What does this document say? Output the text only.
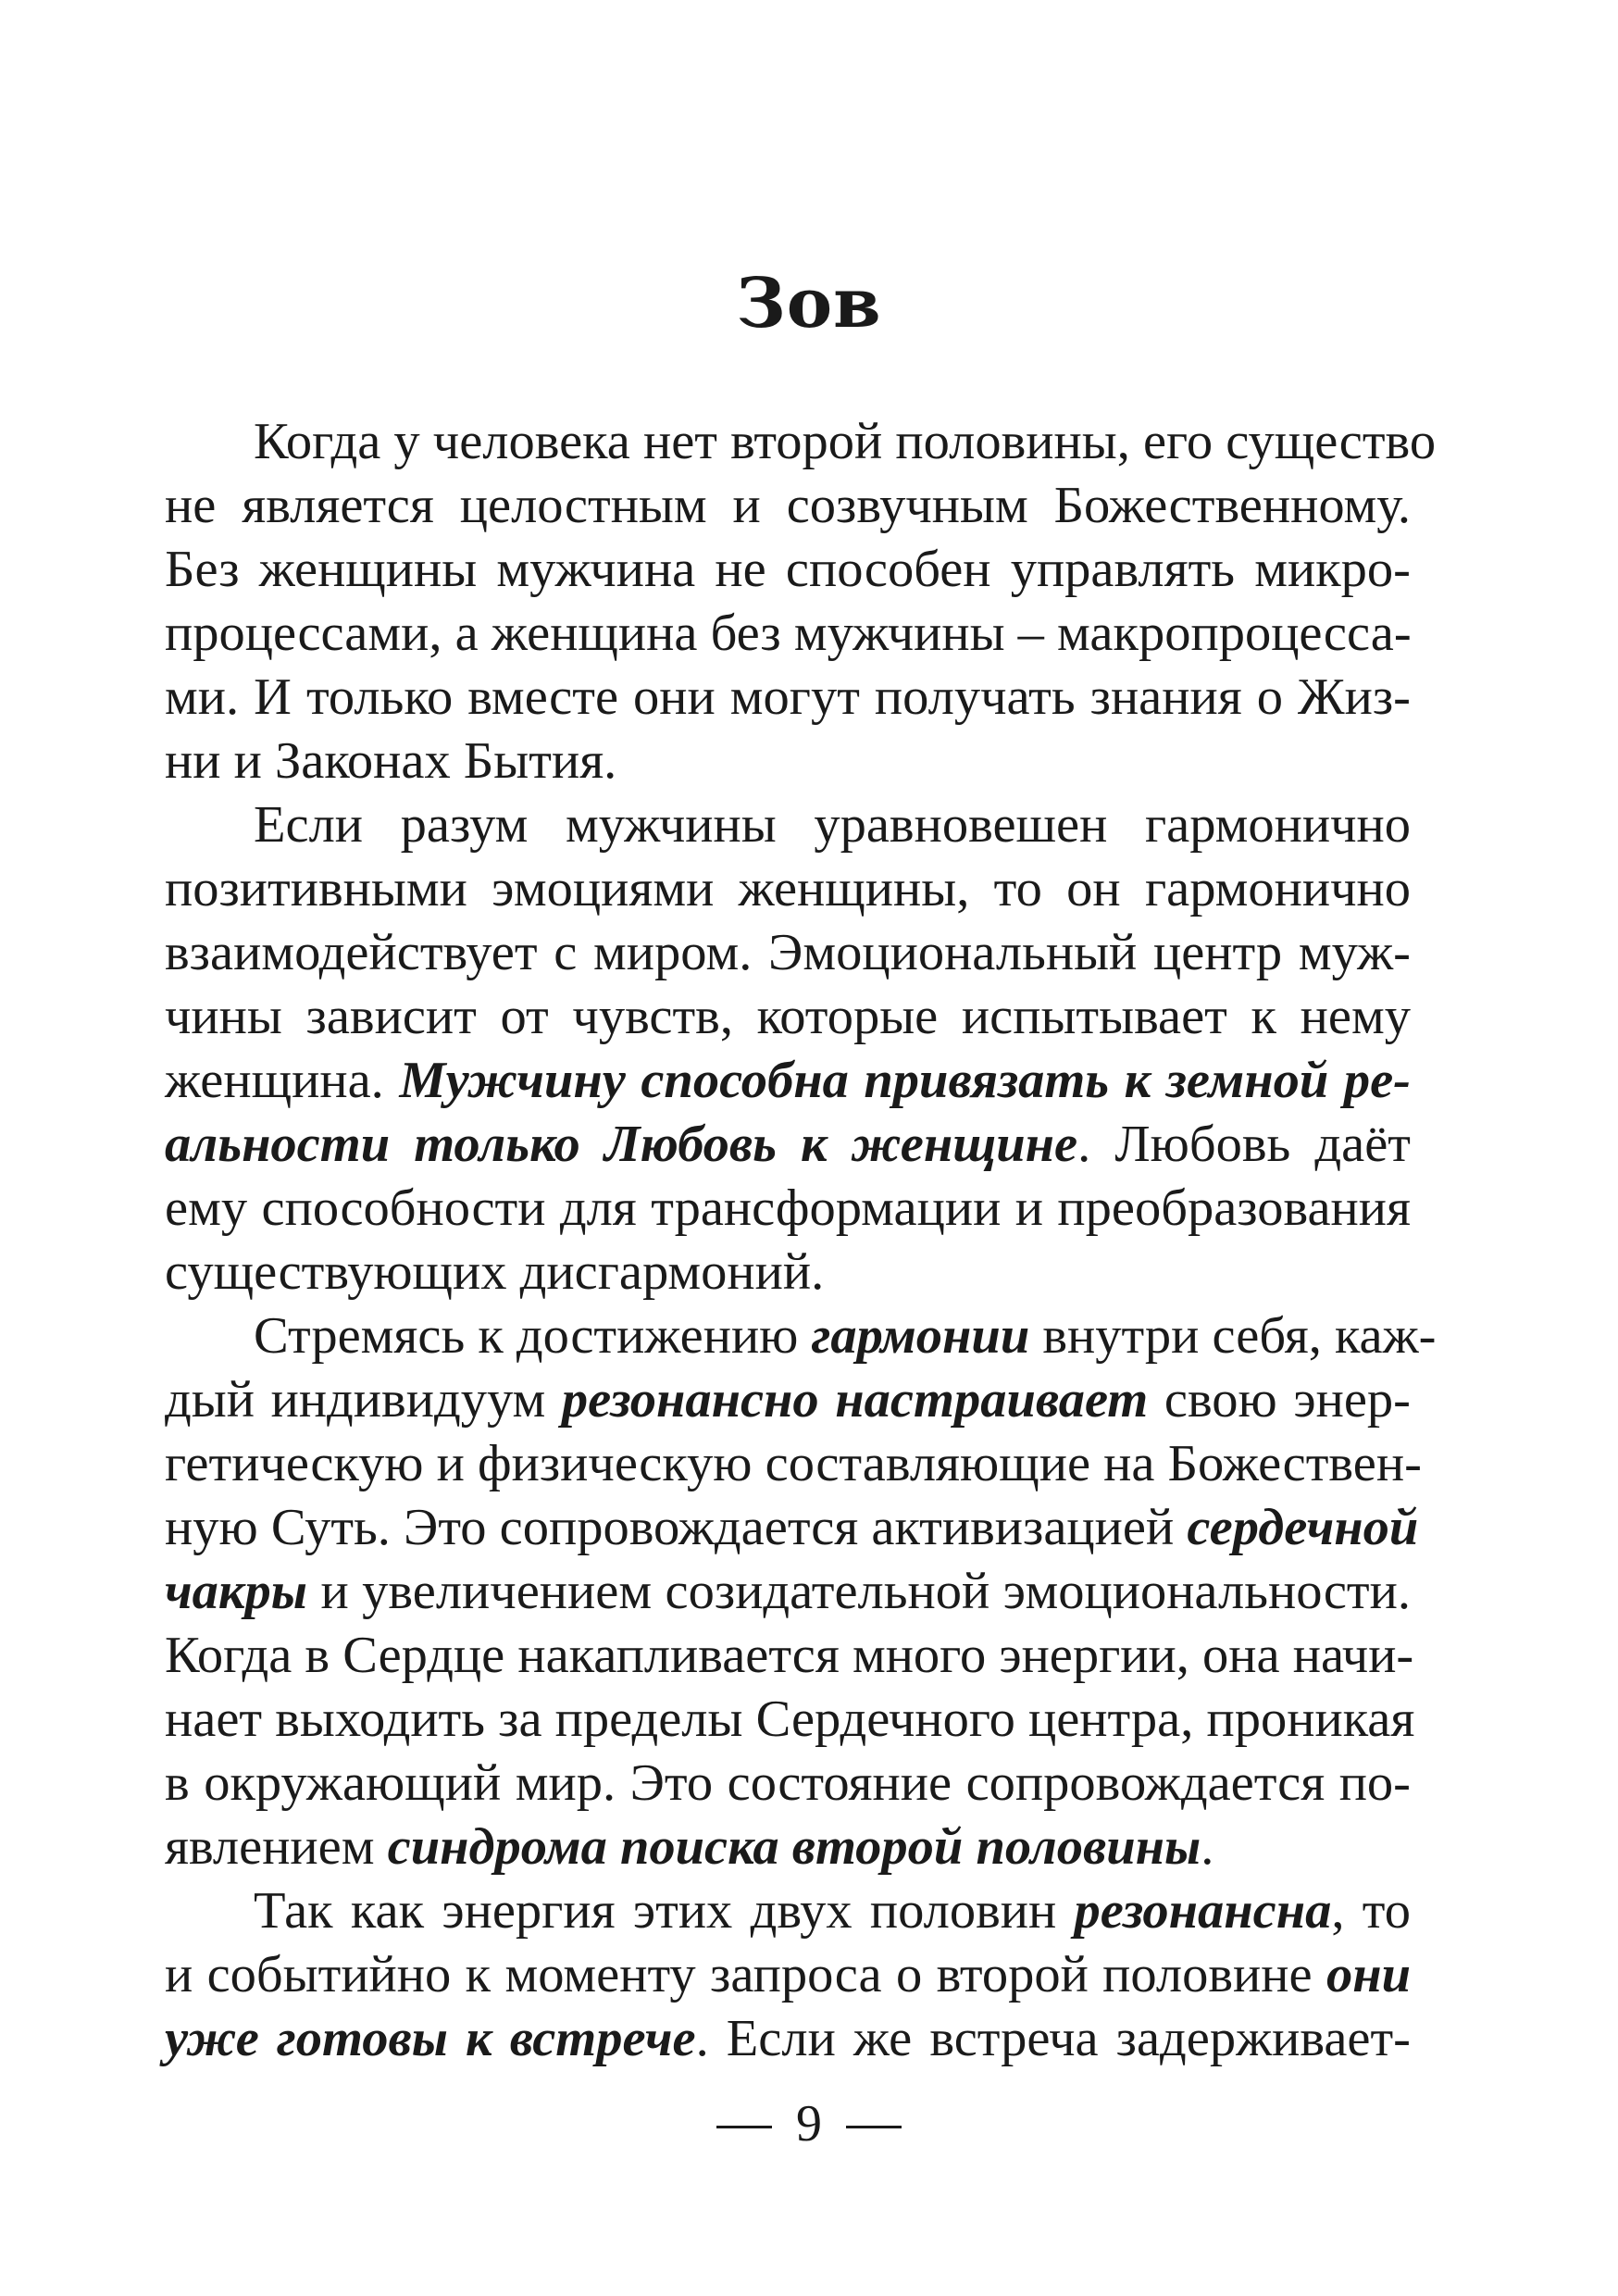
Зов
Когда у человека нет второй половины, его существо
не является целостным и созвучным Божественному.
Без женщины мужчина не способен управлять микро-
процессами, а женщина без мужчины – макропроцесса-
ми. И только вместе они могут получать знания о Жиз-
ни и Законах Бытия.
Если разум мужчины уравновешен гармонично
позитивными эмоциями женщины, то он гармонично
взаимодействует с миром. Эмоциональный центр муж-
чины зависит от чувств, которые испытывает к нему
женщина. Мужчину способна привязать к земной ре-
альности только Любовь к женщине. Любовь даёт
ему способности для трансформации и преобразования
существующих дисгармоний.
Стремясь к достижению гармонии внутри себя, каж-
дый индивидуум резонансно настраивает свою энер-
гетическую и физическую составляющие на Божествен-
ную Суть. Это сопровождается активизацией сердечной
чакры и увеличением созидательной эмоциональности.
Когда в Сердце накапливается много энергии, она начи-
нает выходить за пределы Сердечного центра, проникая
в окружающий мир. Это состояние сопровождается по-
явлением синдрома поиска второй половины.
Так как энергия этих двух половин резонансна, то
и событийно к моменту запроса о второй половине они
уже готовы к встрече. Если же встреча задерживает-
9
